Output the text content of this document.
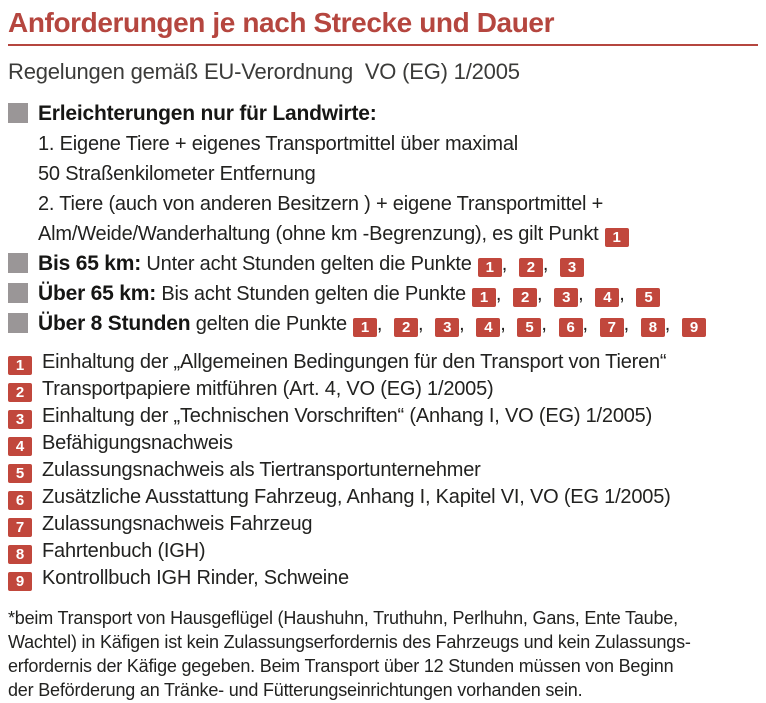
Anforderungen je nach Strecke und Dauer

Regelungen gemäß EU-Verordnung  VO (EG) 1/2005

Erleichterungen nur für Landwirte:
1. Eigene Tiere + eigenes Transportmittel über maximal
50 Straßenkilometer Entfernung
2. Tiere (auch von anderen Besitzern ) + eigene Transportmittel +
Alm/Weide/Wanderhaltung (ohne km -Begrenzung), es gilt Punkt 1
Bis 65 km: Unter acht Stunden gelten die Punkte 1 , 2 , 3
Über 65 km: Bis acht Stunden gelten die Punkte 1 , 2 , 3 , 4 , 5
Über 8 Stunden gelten die Punkte 1 , 2 , 3 , 4 , 5 , 6 , 7 , 8 , 9
1 Einhaltung der „Allgemeinen Bedingungen für den Transport von Tieren“
2 Transportpapiere mitführen (Art. 4, VO (EG) 1/2005)
3 Einhaltung der „Technischen Vorschriften“ (Anhang I, VO (EG) 1/2005)
4 Befähigungsnachweis
5 Zulassungsnachweis als Tiertransportunternehmer
6 Zusätzliche Ausstattung Fahrzeug, Anhang I, Kapitel VI, VO (EG 1/2005)
7 Zulassungsnachweis Fahrzeug
8 Fahrtenbuch (IGH)
9 Kontrollbuch IGH Rinder, Schweine
*beim Transport von Hausgeflügel (Haushuhn, Truthuhn, Perlhuhn, Gans, Ente Taube,
Wachtel) in Käfigen ist kein Zulassungserfordernis des Fahrzeugs und kein Zulassungs-
erfordernis der Käfige gegeben. Beim Transport über 12 Stunden müssen von Beginn
der Beförderung an Tränke- und Fütterungseinrichtungen vorhanden sein.
